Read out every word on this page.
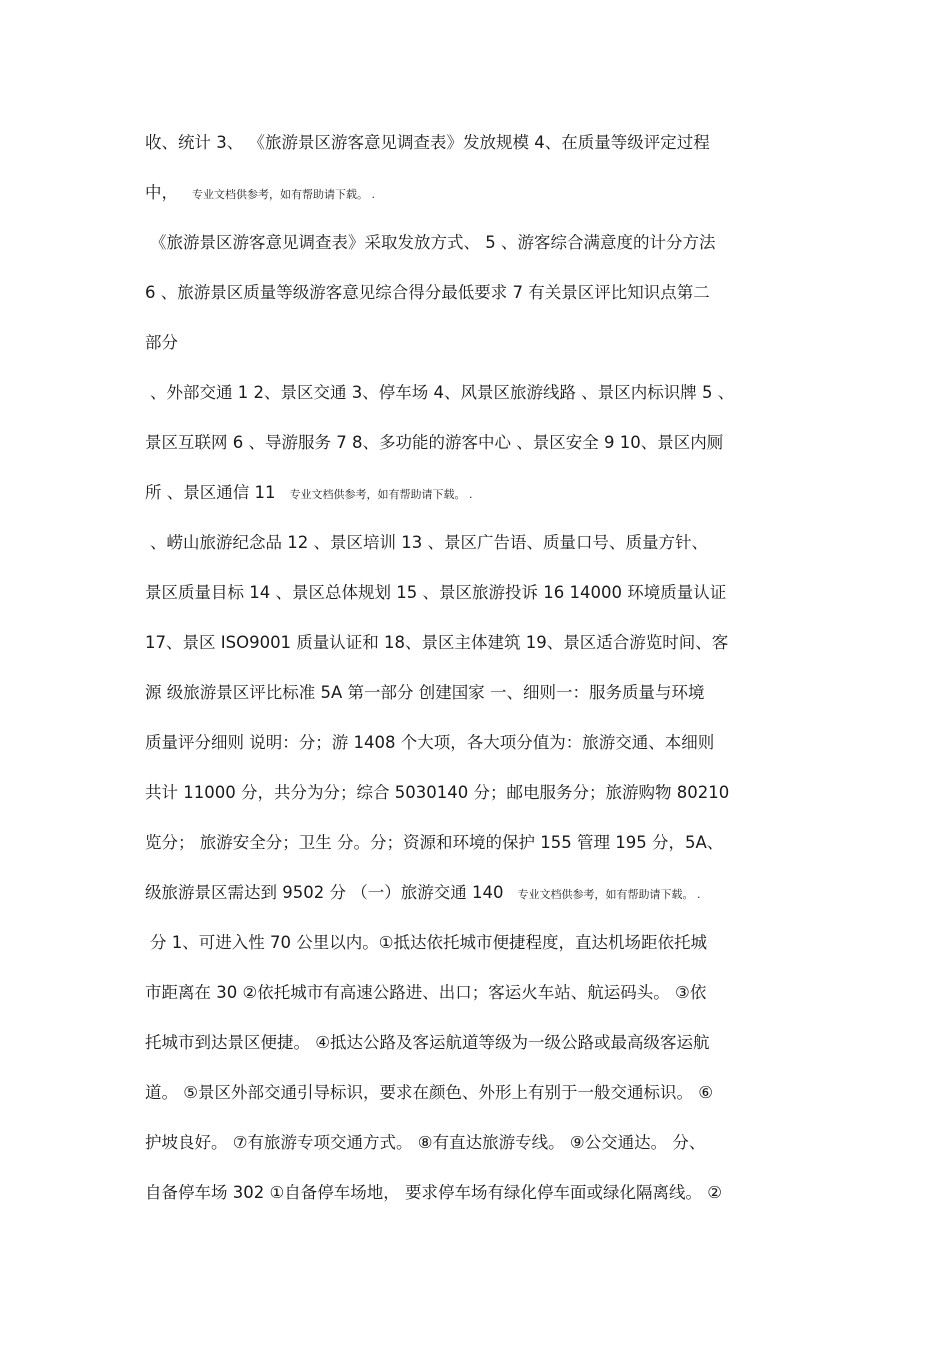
收、统计 3、 《旅游景区游客意见调查表》发放规模 4、在质量等级评定过程
中， 专业文档供参考，如有帮助请下载。 .
《旅游景区游客意见调查表》采取发放方式、 5 、游客综合满意度的计分方法
6 、旅游景区质量等级游客意见综合得分最低要求 7 有关景区评比知识点第二
部分
、外部交通 1 2、景区交通 3、停车场 4、风景区旅游线路 、景区内标识牌 5 、
景区互联网 6 、导游服务 7 8、多功能的游客中心 、景区安全 9 10、景区内厕
所 、景区通信 11 专业文档供参考，如有帮助请下载。 .
、崂山旅游纪念品 12 、景区培训 13 、景区广告语、质量口号、质量方针、
景区质量目标 14 、景区总体规划 15 、景区旅游投诉 16 14000 环境质量认证
17、景区 ISO9001 质量认证和 18、景区主体建筑 19、景区适合游览时间、客
源 级旅游景区评比标准 5A 第一部分 创建国家 一、细则一：服务质量与环境
质量评分细则 说明：分；游 1408 个大项，各大项分值为：旅游交通、本细则
共计 11000 分，共分为分；综合 5030140 分；邮电服务分；旅游购物 80210
览分； 旅游安全分；卫生 分。分；资源和环境的保护 155 管理 195 分，5A、
级旅游景区需达到 9502 分 （一）旅游交通 140 专业文档供参考，如有帮助请下载。 .
分 1、可进入性 70 公里以内。①抵达依托城市便捷程度，直达机场距依托城
市距离在 30 ②依托城市有高速公路进、出口；客运火车站、航运码头。 ③依
托城市到达景区便捷。 ④抵达公路及客运航道等级为一级公路或最高级客运航
道。 ⑤景区外部交通引导标识，要求在颜色、外形上有别于一般交通标识。 ⑥
护坡良好。 ⑦有旅游专项交通方式。 ⑧有直达旅游专线。 ⑨公交通达。 分、
自备停车场 302 ①自备停车场地， 要求停车场有绿化停车面或绿化隔离线。 ②
